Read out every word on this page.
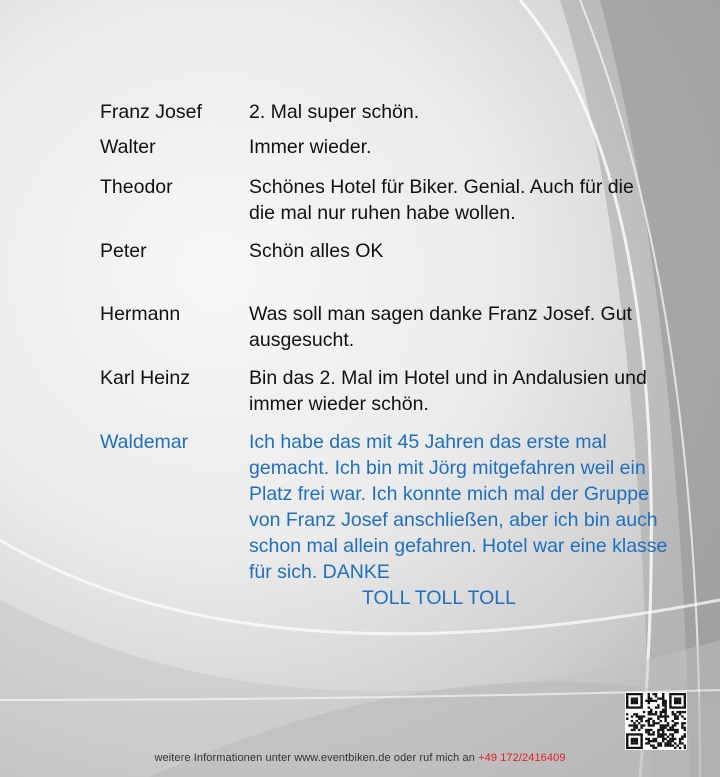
Franz Josef	2. Mal super schön.
Walter	Immer wieder.
Theodor	Schönes Hotel für Biker. Genial. Auch für die die mal nur ruhen habe wollen.
Peter	Schön alles OK
Hermann	Was soll man sagen danke Franz Josef. Gut ausgesucht.
Karl Heinz	Bin das 2. Mal im Hotel und in Andalusien und immer wieder schön.
Waldemar	Ich habe das mit 45 Jahren das erste mal gemacht. Ich bin mit Jörg mitgefahren weil ein Platz frei war. Ich konnte mich mal der Gruppe von Franz Josef anschließen, aber ich bin auch schon mal allein gefahren. Hotel war eine klasse für sich. DANKE
TOLL TOLL TOLL
weitere Informationen unter www.eventbiken.de oder ruf mich an +49 172/2416409
